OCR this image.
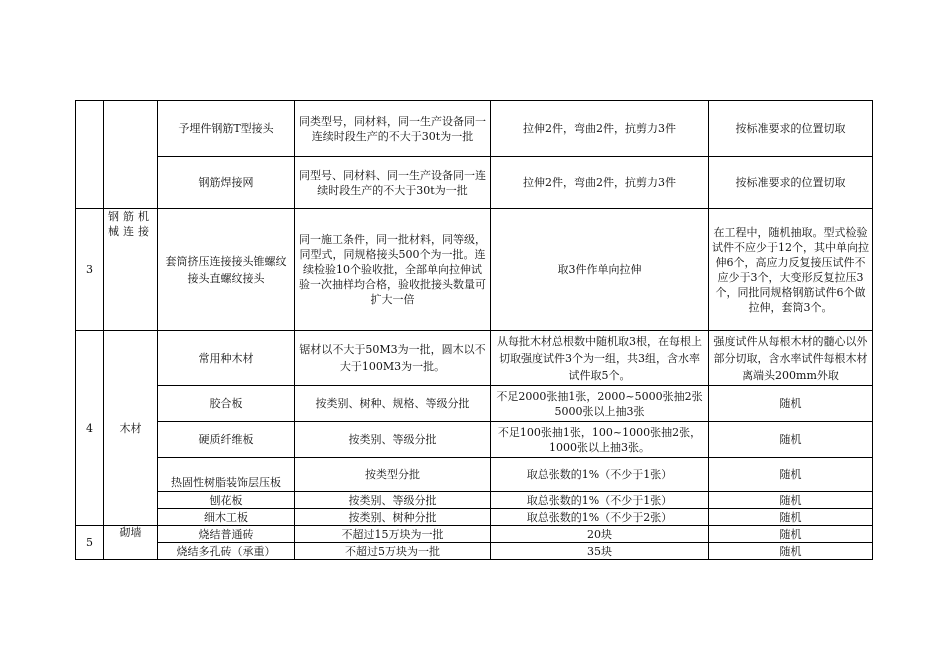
		予埋件钢筋T型接头	同类型号，同材料，同一生产设备同一连续时段生产的不大于30t为一批	拉伸2件，弯曲2件，抗剪力3件	按标准要求的位置切取
		钢筋焊接网	同型号、同材料、同一生产设备同一连续时段生产的不大于30t为一批	拉伸2件，弯曲2件，抗剪力3件	按标准要求的位置切取
3	钢筋机械连接	套筒挤压连接接头锥螺纹接头直螺纹接头	同一施工条件，同一批材料，同等级，同型式，同规格接头500个为一批。连续检验10个验收批，全部单向拉伸试验一次抽样均合格，验收批接头数量可扩大一倍	取3件作单向拉伸	在工程中，随机抽取。型式检验试件不应少于12个，其中单向拉伸6个，高应力反复接压试件不应少于3个，大变形反复拉压3个，同批同规格钢筋试件6个做拉伸，套筒3个。
4	木材	常用种木材	锯材以不大于50M3为一批，圆木以不大于100M3为一批。	从每批木材总根数中随机取3根，在每根上切取强度试件3个为一组，共3组，含水率试件取5个。	强度试件从每根木材的髓心以外部分切取，含水率试件每根木材离端头200mm外取
		胶合板	按类别、树种、规格、等级分批	不足2000张抽1张，2000~5000张抽2张 5000张以上抽3张	随机
		硬质纤维板	按类别、等级分批	不足100张抽1张，100~1000张抽2张，1000张以上抽3张。	随机
		热固性树脂装饰层压板	按类型分批	取总张数的1%（不少于1张）	随机
		刨花板	按类别、等级分批	取总张数的1%（不少于1张）	随机
		细木工板	按类别、树种分批	取总张数的1%（不少于2张）	随机
5	砌墙	烧结普通砖	不超过15万块为一批	20块	随机
		烧结多孔砖（承重）	不超过5万块为一批	35块	随机
